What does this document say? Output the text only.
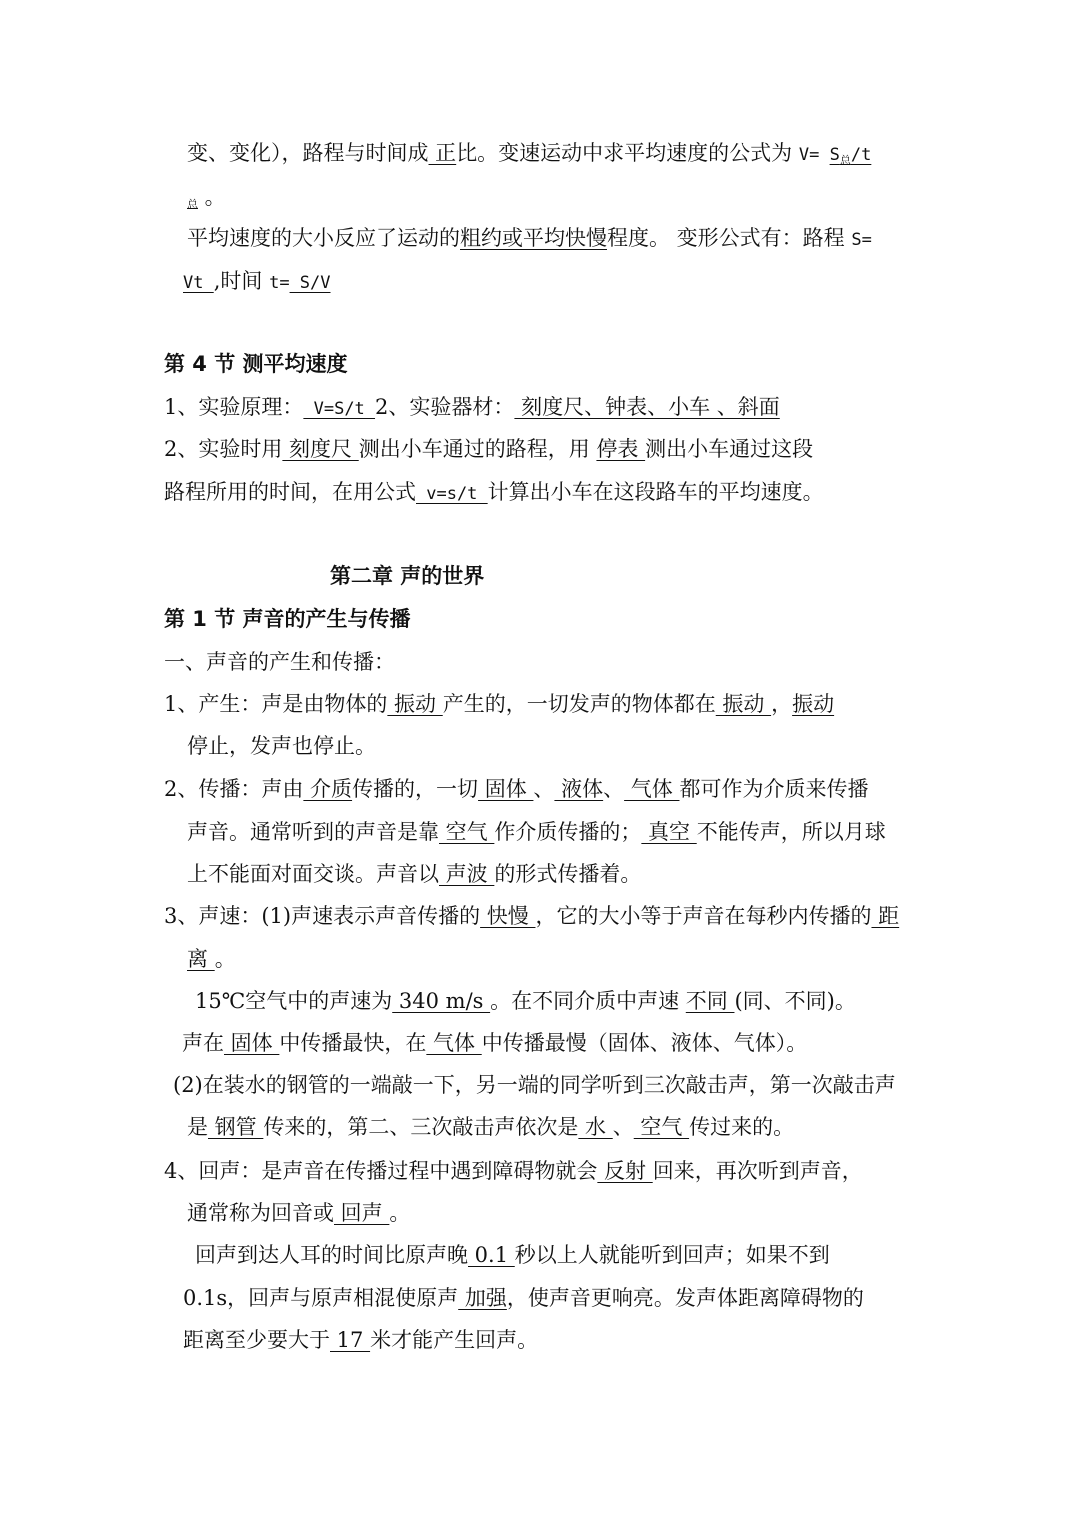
变、变化），路程与时间成 正比。变速运动中求平均速度的公式为 $V= S_总/t$
$_总$ 。
平均速度的大小反应了运动的粗约或平均快慢程度。 变形公式有：路程 S=
Vt ,时间 t= S/V
第 4 节 测平均速度
1、实验原理： V=S/t 2、实验器材： 刻度尺、钟表、小车 、斜面
2、实验时用 刻度尺 测出小车通过的路程，用 停表 测出小车通过这段
路程所用的时间，在用公式 v=s/t 计算出小车在这段路车的平均速度。
第二章 声的世界
第 1 节 声音的产生与传播
一、声音的产生和传播：
1、产生：声是由物体的 振动 产生的，一切发声的物体都在 振动 ，振动
停止，发声也停止。
2、传播：声由 介质传播的，一切 固体 、 液体、 气体 都可作为介质来传播
声音。通常听到的声音是靠 空气 作介质传播的； 真空 不能传声，所以月球
上不能面对面交谈。声音以 声波 的形式传播着。
3、声速：(1)声速表示声音传播的 快慢 ，它的大小等于声音在每秒内传播的 距
离 。
15℃空气中的声速为 340 m/s 。在不同介质中声速 不同 (同、不同)。
声在 固体 中传播最快，在 气体 中传播最慢（固体、液体、气体）。
(2)在装水的钢管的一端敲一下，另一端的同学听到三次敲击声，第一次敲击声
是 钢管 传来的，第二、三次敲击声依次是 水 、 空气 传过来的。
4、回声：是声音在传播过程中遇到障碍物就会 反射 回来，再次听到声音，
通常称为回音或 回声 。
回声到达人耳的时间比原声晚 0.1 秒以上人就能听到回声；如果不到
0.1s，回声与原声相混使原声 加强，使声音更响亮。发声体距离障碍物的
距离至少要大于 17 米才能产生回声。
